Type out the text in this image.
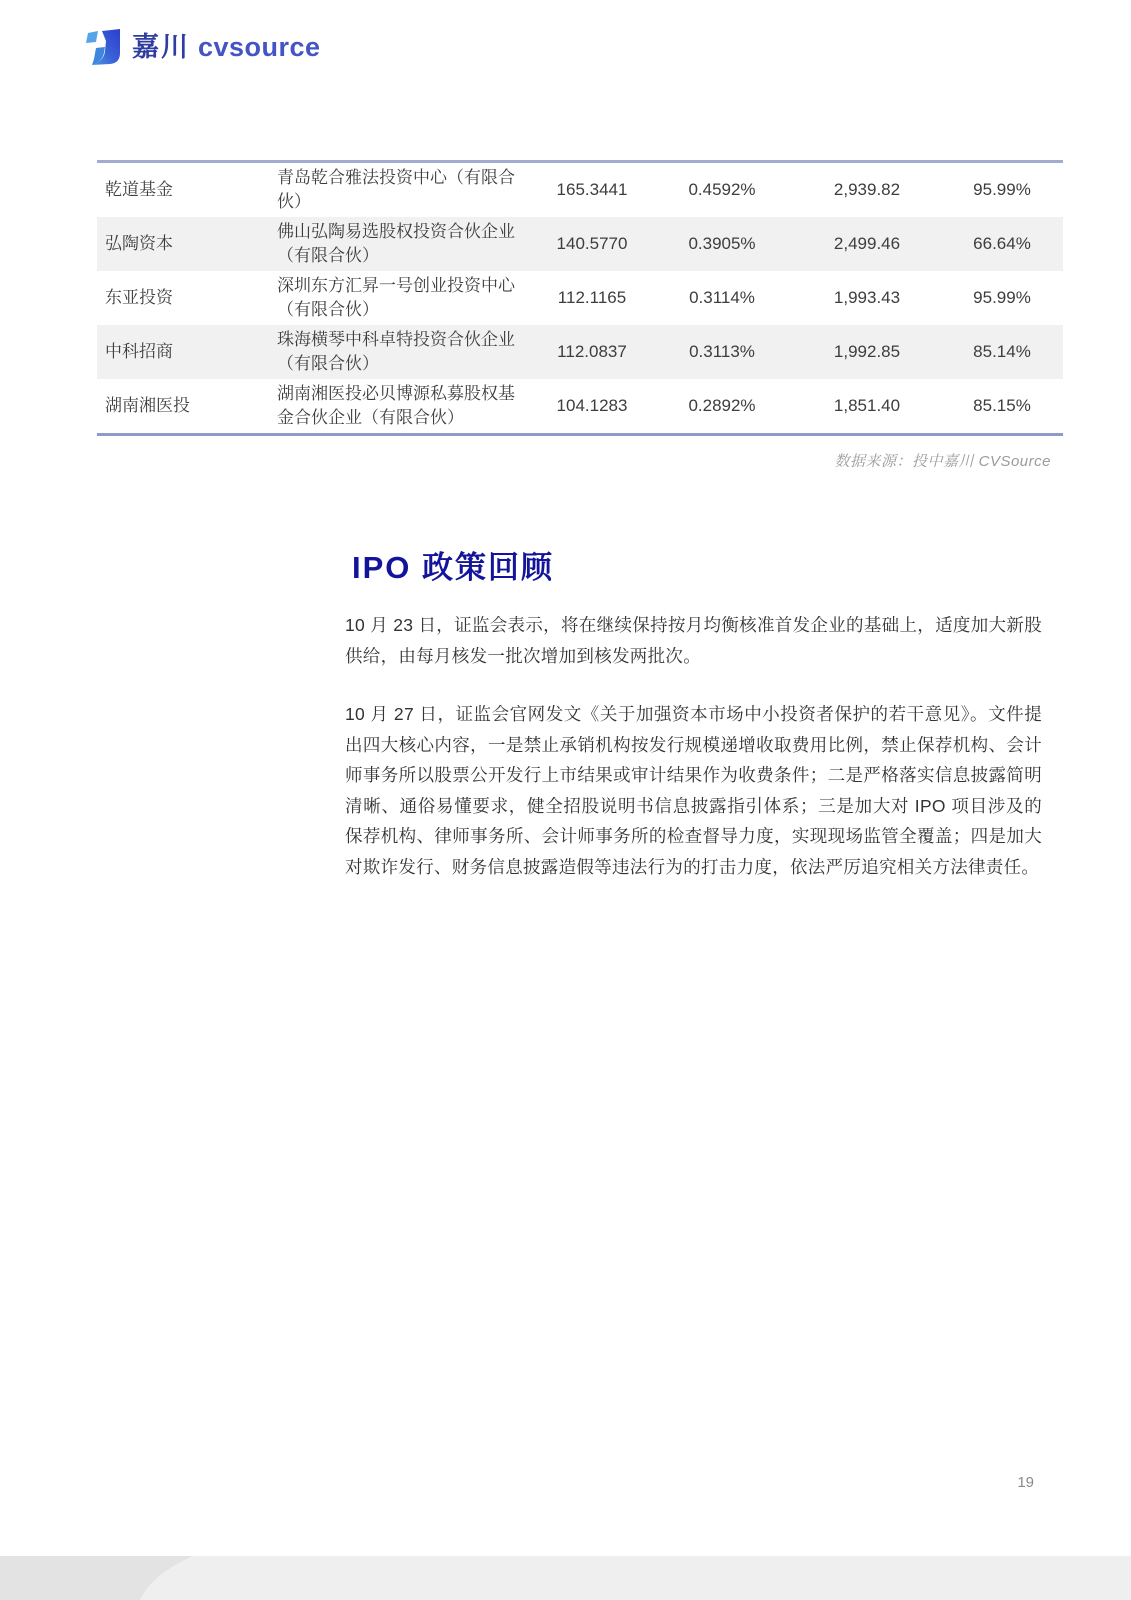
嘉川 cvsource
乾道基金	青岛乾合雅法投资中心（有限合伙）	165.3441	0.4592%	2,939.82	95.99%
弘陶资本	佛山弘陶易选股权投资合伙企业（有限合伙）	140.5770	0.3905%	2,499.46	66.64%
东亚投资	深圳东方汇昇一号创业投资中心（有限合伙）	112.1165	0.3114%	1,993.43	95.99%
中科招商	珠海横琴中科卓特投资合伙企业（有限合伙）	112.0837	0.3113%	1,992.85	85.14%
湖南湘医投	湖南湘医投必贝博源私募股权基金合伙企业（有限合伙）	104.1283	0.2892%	1,851.40	85.15%
数据来源：投中嘉川 CVSource
IPO 政策回顾

10 月 23 日，证监会表示，将在继续保持按月均衡核准首发企业的基础上，适度加大新股供给，由每月核发一批次增加到核发两批次。

10 月 27 日，证监会官网发文《关于加强资本市场中小投资者保护的若干意见》。文件提出四大核心内容，一是禁止承销机构按发行规模递增收取费用比例，禁止保荐机构、会计师事务所以股票公开发行上市结果或审计结果作为收费条件；二是严格落实信息披露简明清晰、通俗易懂要求，健全招股说明书信息披露指引体系；三是加大对 IPO 项目涉及的保荐机构、律师事务所、会计师事务所的检查督导力度，实现现场监管全覆盖；四是加大对欺诈发行、财务信息披露造假等违法行为的打击力度，依法严厉追究相关方法律责任。

19
